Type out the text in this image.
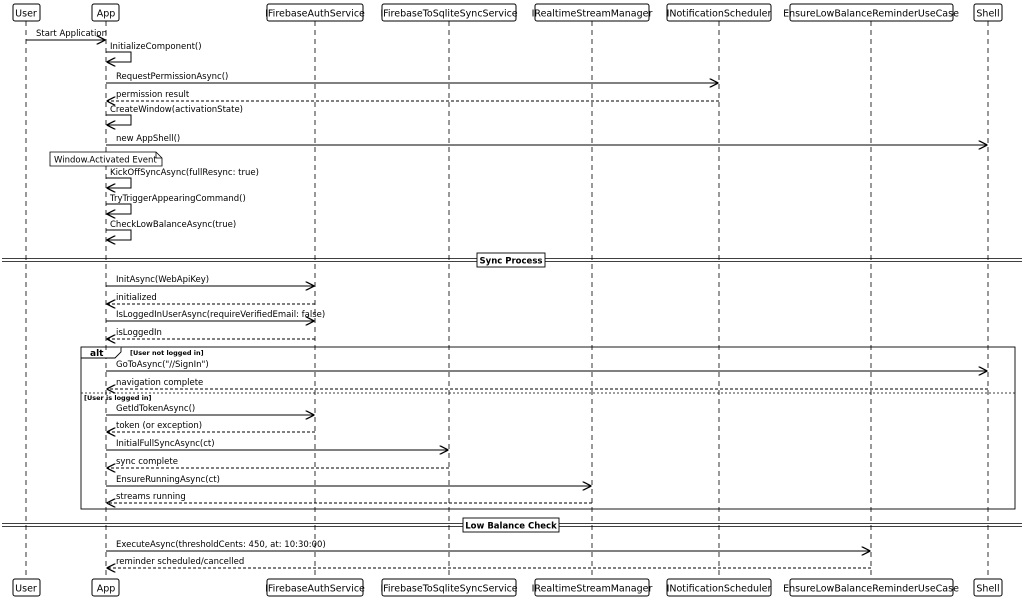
Sync Process
Low Balance Check
alt	[User not logged in]
[User is logged in]
Start Application
InitializeComponent()
RequestPermissionAsync()
permission result
CreateWindow(activationState)
new AppShell()
KickOffSyncAsync(fullResync: true)
TryTriggerAppearingCommand()
CheckLowBalanceAsync(true)
InitAsync(WebApiKey)
initialized
IsLoggedInUserAsync(requireVerifiedEmail: false)
isLoggedIn
GoToAsync("//SignIn")
navigation complete
GetIdTokenAsync()
token (or exception)
InitialFullSyncAsync(ct)
sync complete
EnsureRunningAsync(ct)
streams running
ExecuteAsync(thresholdCents: 450, at: 10:30:00)
reminder scheduled/cancelled
Window.Activated Event
User
User
App
App
IFirebaseAuthService
IFirebaseAuthService
IFirebaseToSqliteSyncService
IFirebaseToSqliteSyncService
IRealtimeStreamManager
IRealtimeStreamManager
INotificationScheduler
INotificationScheduler
EnsureLowBalanceReminderUseCase
EnsureLowBalanceReminderUseCase
Shell
Shell
